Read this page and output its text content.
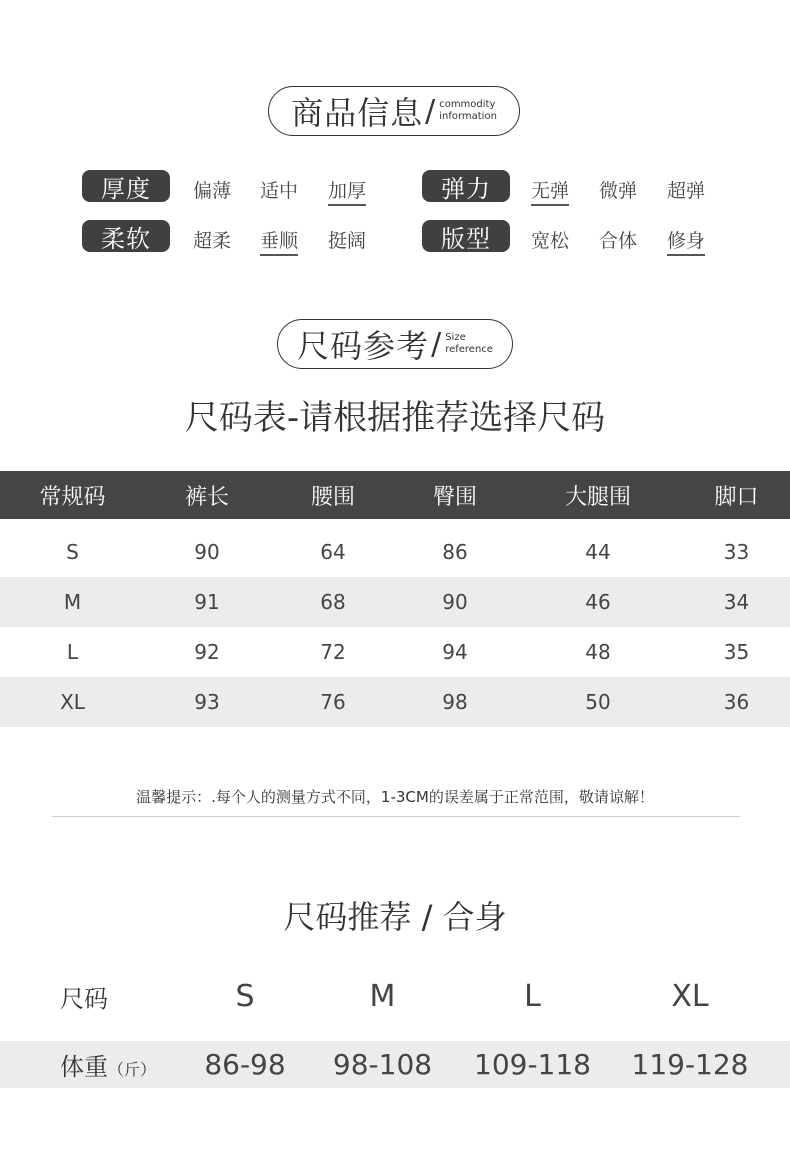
商品信息 / commodity
information
厚度	偏薄 适中 加厚	弹力	无弹 微弹 超弹
柔软	超柔 垂顺 挺阔	版型	宽松 合体 修身
尺码参考 / Size
reference
尺码表-请根据推荐选择尺码
常规码	裤长	腰围	臀围	大腿围	脚口
S	90	64	86	44	33
M	91	68	90	46	34
L	92	72	94	48	35
XL	93	76	98	50	36
温馨提示：.每个人的测量方式不同，1-3CM的误差属于正常范围，敬请谅解！
尺码推荐 / 合身
尺码	S	M	L	XL
体重（斤）	86-98	98-108	109-118	119-128
